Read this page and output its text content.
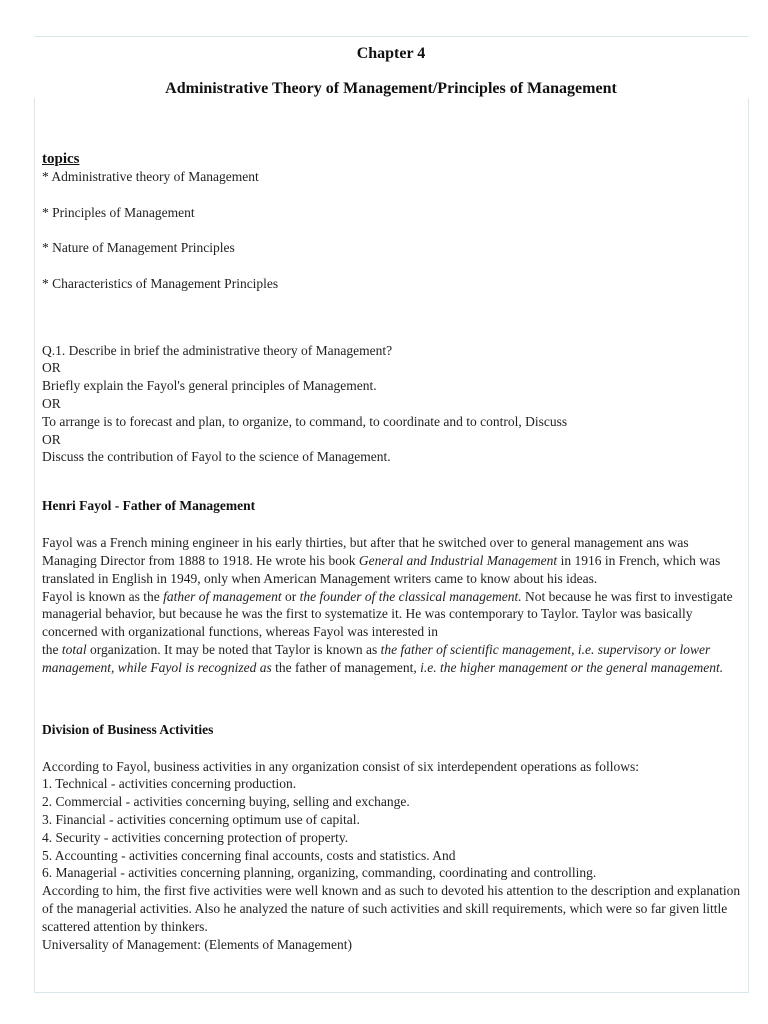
Chapter 4
Administrative Theory of Management/Principles of Management
topics
* Administrative theory of Management
* Principles of Management
* Nature of Management Principles
* Characteristics of Management Principles
Q.1. Describe in brief the administrative theory of Management?
OR
Briefly explain the Fayol's general principles of Management.
OR
To arrange is to forecast and plan, to organize, to command, to coordinate and to control, Discuss
OR
Discuss the contribution of Fayol to the science of Management.
Henri Fayol - Father of Management
Fayol was a French mining engineer in his early thirties, but after that he switched over to general management ans was Managing Director from 1888 to 1918. He wrote his book General and Industrial Management in 1916 in French, which was translated in English in 1949, only when American Management writers came to know about his ideas.
Fayol is known as the father of management or the founder of the classical management. Not because he was first to investigate managerial behavior, but because he was the first to systematize it. He was contemporary to Taylor. Taylor was basically concerned with organizational functions, whereas Fayol was interested in
the total organization. It may be noted that Taylor is known as the father of scientific management, i.e. supervisory or lower management, while Fayol is recognized as the father of management, i.e. the higher management or the general management.
Division of Business Activities
According to Fayol, business activities in any organization consist of six interdependent operations as follows:
1. Technical - activities concerning production.
2. Commercial - activities concerning buying, selling and exchange.
3. Financial - activities concerning optimum use of capital.
4. Security - activities concerning protection of property.
5. Accounting - activities concerning final accounts, costs and statistics. And
6. Managerial - activities concerning planning, organizing, commanding, coordinating and controlling.
According to him, the first five activities were well known and as such to devoted his attention to the description and explanation of the managerial activities. Also he analyzed the nature of such activities and skill requirements, which were so far given little scattered attention by thinkers.
Universality of Management: (Elements of Management)
